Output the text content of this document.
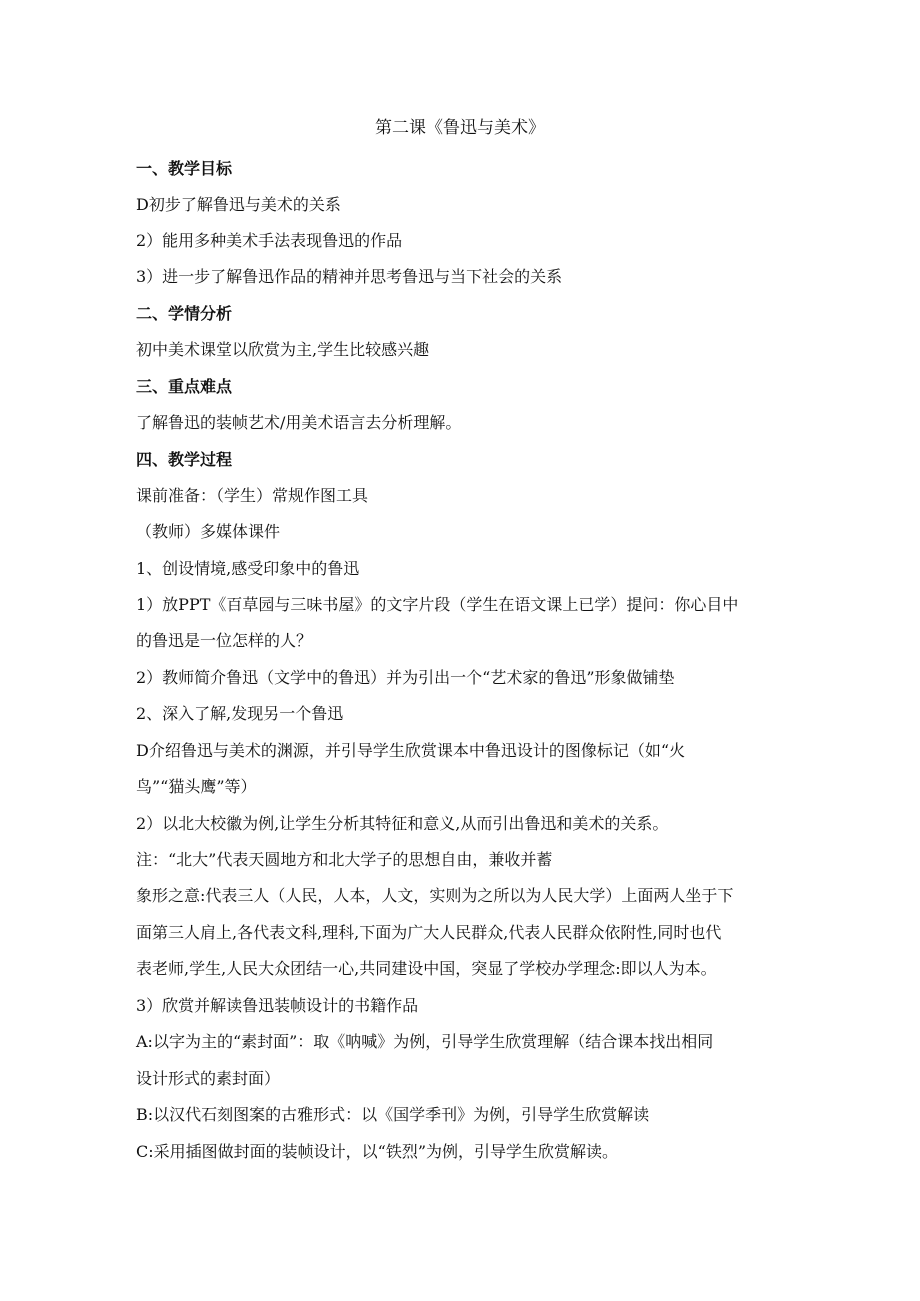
第二课《鲁迅与美术》
一、教学目标
D初步了解鲁迅与美术的关系
2）能用多种美术手法表现鲁迅的作品
3）进一步了解鲁迅作品的精神并思考鲁迅与当下社会的关系
二、学情分析
初中美术课堂以欣赏为主,学生比较感兴趣
三、重点难点
了解鲁迅的装帧艺术/用美术语言去分析理解。
四、教学过程
课前准备：（学生）常规作图工具
（教师）多媒体课件
1、创设情境,感受印象中的鲁迅
1）放PPT《百草园与三味书屋》的文字片段（学生在语文课上已学）提问：你心目中
的鲁迅是一位怎样的人？
2）教师简介鲁迅（文学中的鲁迅）并为引出一个“艺术家的鲁迅”形象做铺垫
2、深入了解,发现另一个鲁迅
D介绍鲁迅与美术的渊源，并引导学生欣赏课本中鲁迅设计的图像标记（如“火
鸟”“猫头鹰”等）
2）以北大校徽为例,让学生分析其特征和意义,从而引出鲁迅和美术的关系。
注：“北大”代表天圆地方和北大学子的思想自由，兼收并蓄
象形之意:代表三人（人民，人本，人文，实则为之所以为人民大学）上面两人坐于下
面第三人肩上,各代表文科,理科,下面为广大人民群众,代表人民群众依附性,同时也代
表老师,学生,人民大众团结一心,共同建设中国，突显了学校办学理念:即以人为本。
3）欣赏并解读鲁迅装帧设计的书籍作品
A:以字为主的“素封面”：取《呐喊》为例，引导学生欣赏理解（结合课本找出相同
设计形式的素封面）
B:以汉代石刻图案的古雅形式：以《国学季刊》为例，引导学生欣赏解读
C:采用插图做封面的装帧设计，以“铁烈”为例，引导学生欣赏解读。
